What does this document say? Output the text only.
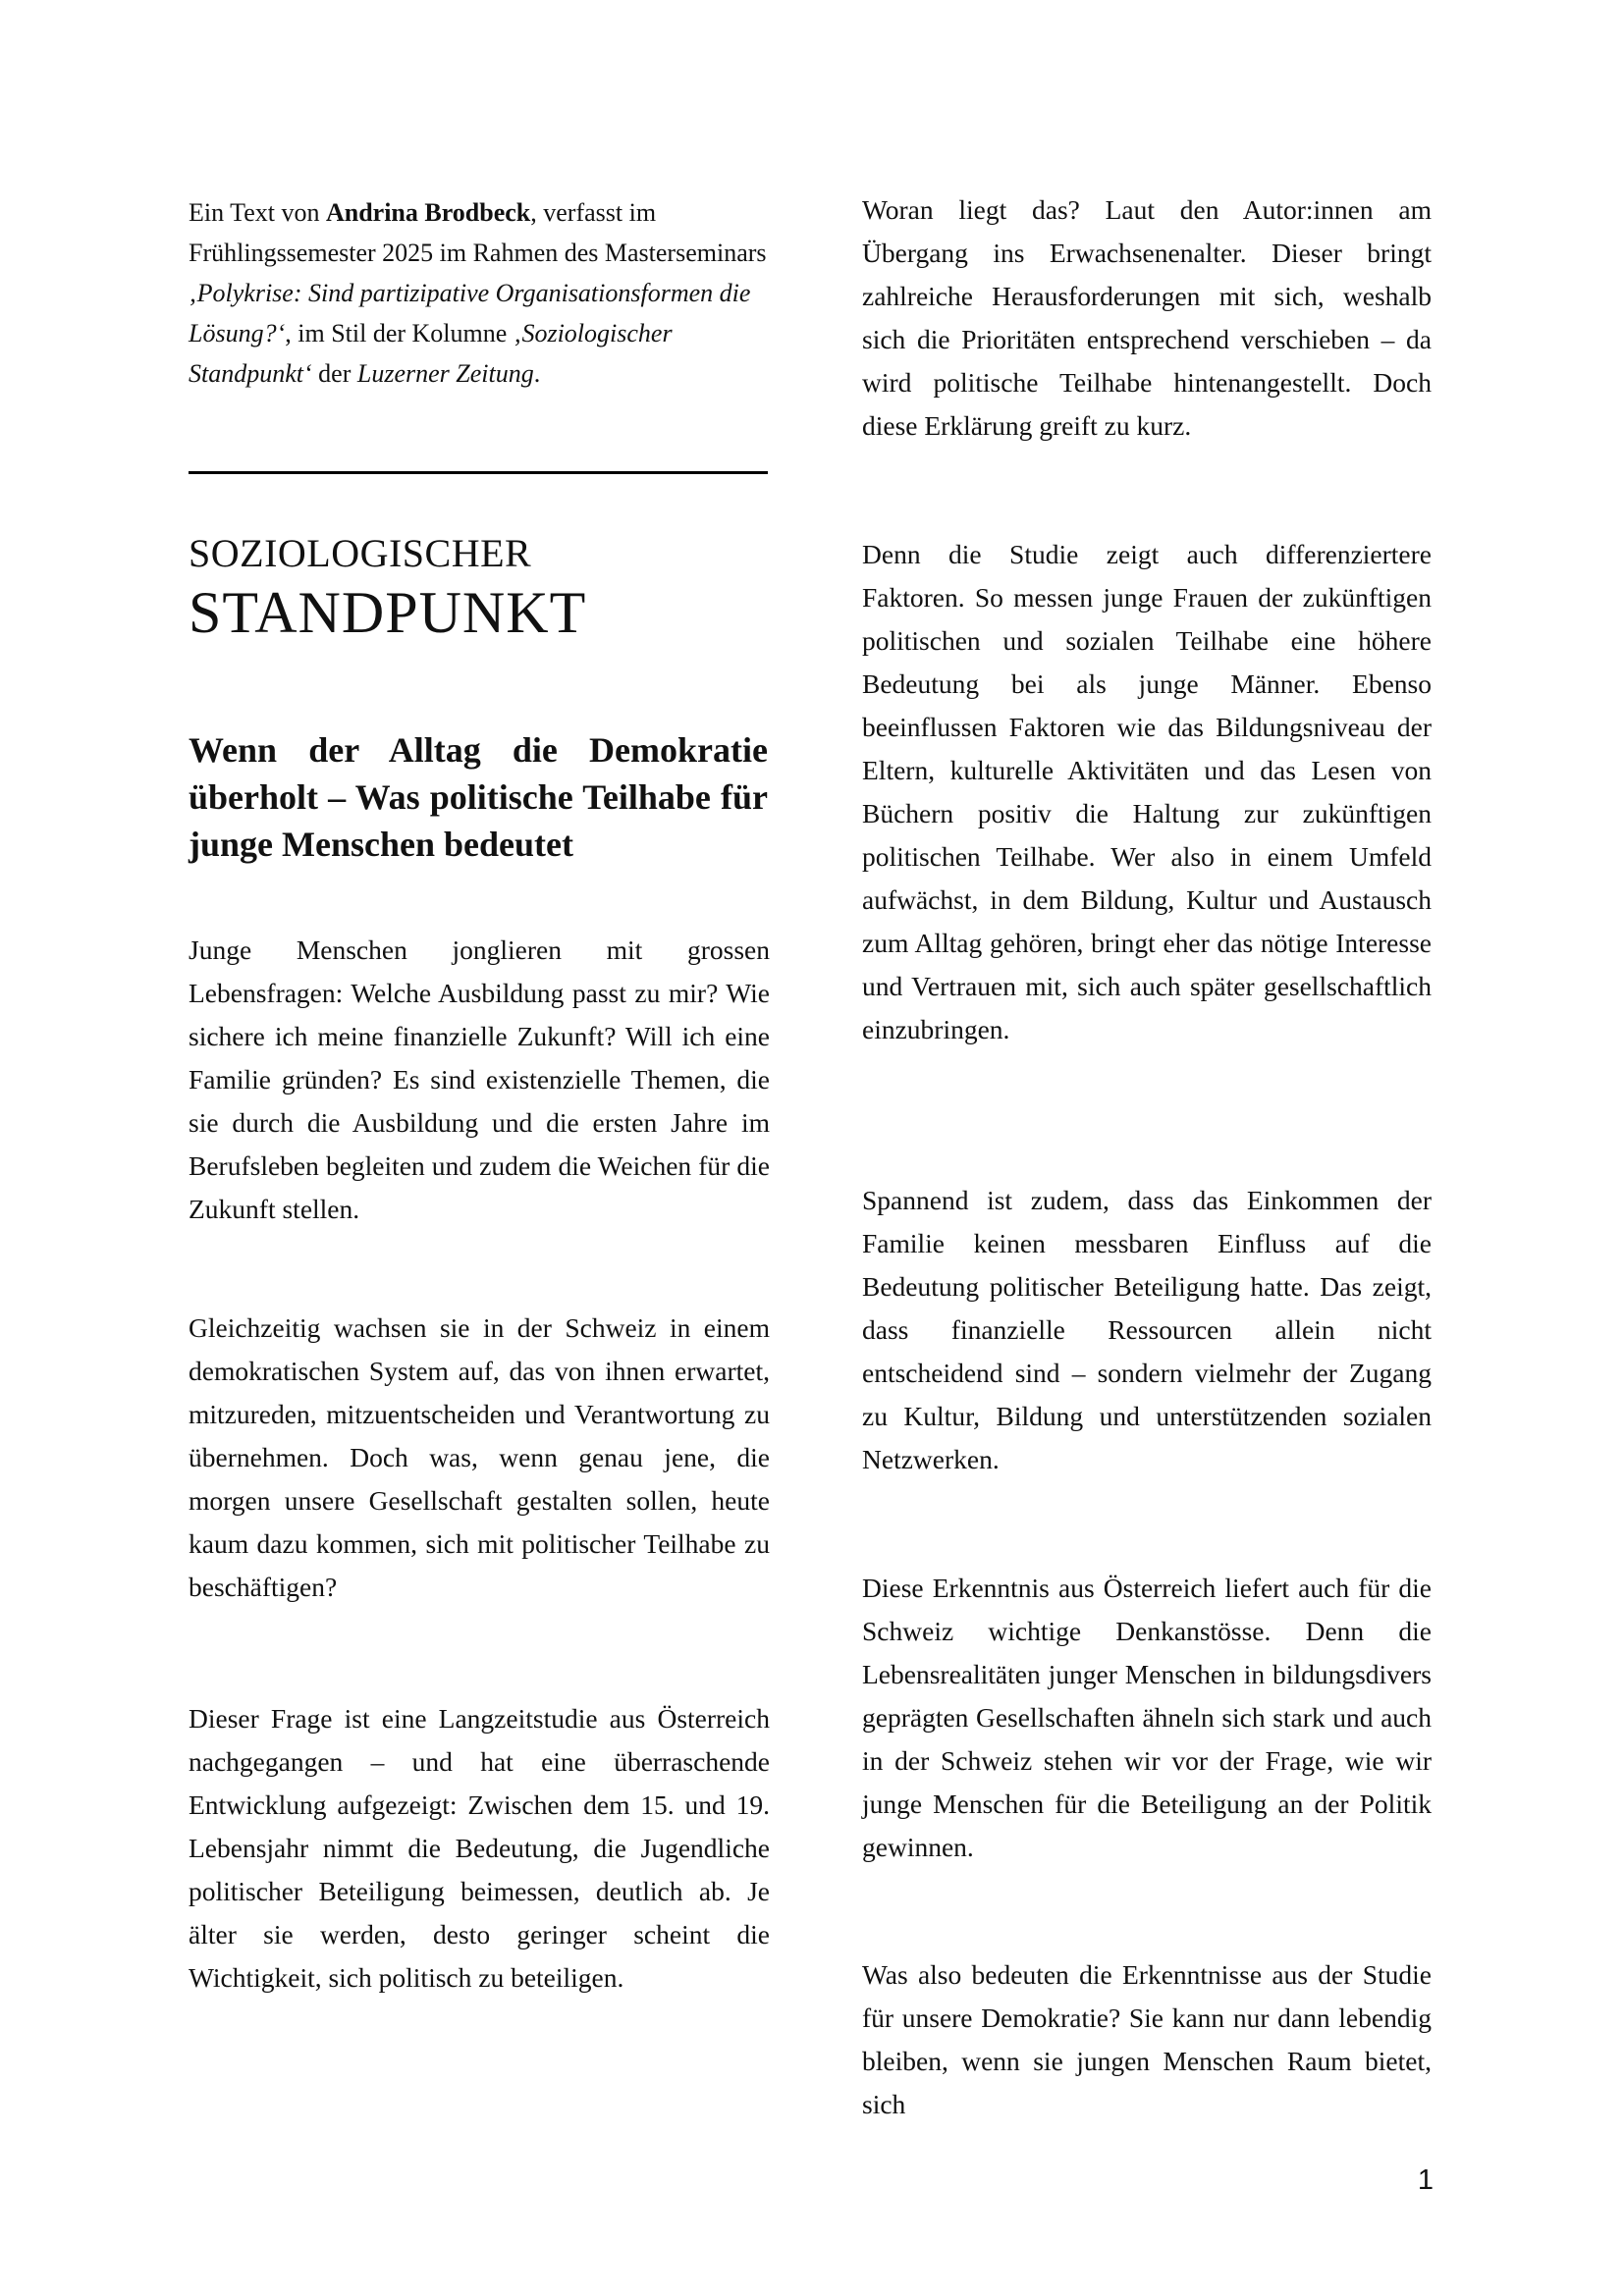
Ein Text von Andrina Brodbeck, verfasst im Frühlingssemester 2025 im Rahmen des Masterseminars ‚Polykrise: Sind partizipative Organisationsformen die Lösung?‘, im Stil der Kolumne ‚Soziologischer Standpunkt‘ der Luzerner Zeitung.

SOZIOLOGISCHER
STANDPUNKT
Wenn der Alltag die Demokratie überholt – Was politische Teilhabe für junge Menschen bedeutet

Junge Menschen jonglieren mit grossen Lebensfragen: Welche Ausbildung passt zu mir? Wie sichere ich meine finanzielle Zukunft? Will ich eine Familie gründen? Es sind existenzielle Themen, die sie durch die Ausbildung und die ersten Jahre im Berufsleben begleiten und zudem die Weichen für die Zukunft stellen.

Gleichzeitig wachsen sie in der Schweiz in einem demokratischen System auf, das von ihnen erwartet, mitzureden, mitzuentscheiden und Verantwortung zu übernehmen. Doch was, wenn genau jene, die morgen unsere Gesellschaft gestalten sollen, heute kaum dazu kommen, sich mit politischer Teilhabe zu beschäftigen?

Dieser Frage ist eine Langzeitstudie aus Österreich nachgegangen – und hat eine überraschende Entwicklung aufgezeigt: Zwischen dem 15. und 19. Lebensjahr nimmt die Bedeutung, die Jugendliche politischer Beteiligung beimessen, deutlich ab. Je älter sie werden, desto geringer scheint die Wichtigkeit, sich politisch zu beteiligen.

Woran liegt das? Laut den Autor:innen am Übergang ins Erwachsenenalter. Dieser bringt zahlreiche Herausforderungen mit sich, weshalb sich die Prioritäten entsprechend verschieben – da wird politische Teilhabe hintenangestellt. Doch diese Erklärung greift zu kurz.

Denn die Studie zeigt auch differenziertere Faktoren. So messen junge Frauen der zukünftigen politischen und sozialen Teilhabe eine höhere Bedeutung bei als junge Männer. Ebenso beeinflussen Faktoren wie das Bildungsniveau der Eltern, kulturelle Aktivitäten und das Lesen von Büchern positiv die Haltung zur zukünftigen politischen Teilhabe. Wer also in einem Umfeld aufwächst, in dem Bildung, Kultur und Austausch zum Alltag gehören, bringt eher das nötige Interesse und Vertrauen mit, sich auch später gesellschaftlich einzubringen.

Spannend ist zudem, dass das Einkommen der Familie keinen messbaren Einfluss auf die Bedeutung politischer Beteiligung hatte. Das zeigt, dass finanzielle Ressourcen allein nicht entscheidend sind – sondern vielmehr der Zugang zu Kultur, Bildung und unterstützenden sozialen Netzwerken.

Diese Erkenntnis aus Österreich liefert auch für die Schweiz wichtige Denkanstösse. Denn die Lebensrealitäten junger Menschen in bildungsdivers geprägten Gesellschaften ähneln sich stark und auch in der Schweiz stehen wir vor der Frage, wie wir junge Menschen für die Beteiligung an der Politik gewinnen.

Was also bedeuten die Erkenntnisse aus der Studie für unsere Demokratie? Sie kann nur dann lebendig bleiben, wenn sie jungen Menschen Raum bietet, sich

1
